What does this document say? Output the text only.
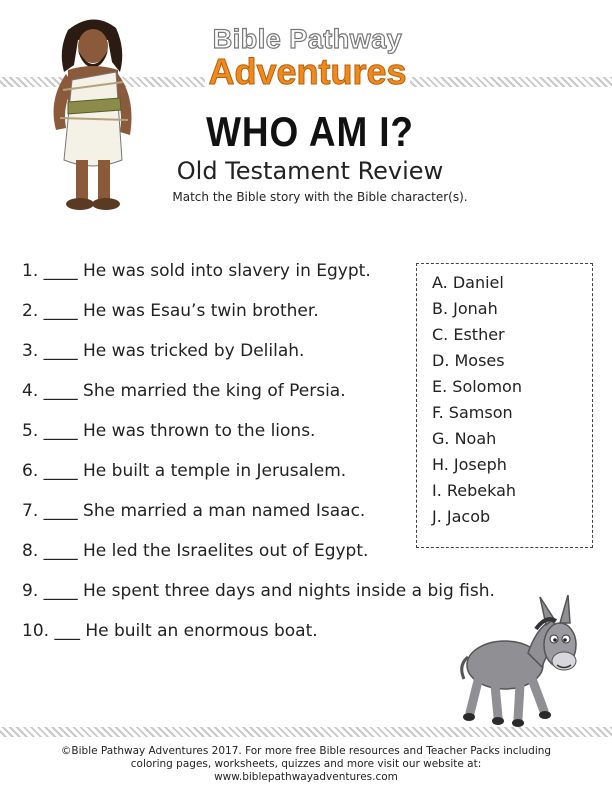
Bible Pathway
Adventures
WHO AM I?
Old Testament Review
Match the Bible story with the Bible character(s).
1. ____ He was sold into slavery in Egypt.
2. ____ He was Esau’s twin brother.
3. ____ He was tricked by Delilah.
4. ____ She married the king of Persia.
5. ____ He was thrown to the lions.
6. ____ He built a temple in Jerusalem.
7. ____ She married a man named Isaac.
8. ____ He led the Israelites out of Egypt.
9. ____ He spent three days and nights inside a big fish.
10. ___ He built an enormous boat.
A. Daniel
B. Jonah
C. Esther
D. Moses
E. Solomon
F. Samson
G. Noah
H. Joseph
I. Rebekah
J. Jacob
©Bible Pathway Adventures 2017. For more free Bible resources and Teacher Packs including
coloring pages, worksheets, quizzes and more visit our website at:
www.biblepathwayadventures.com
